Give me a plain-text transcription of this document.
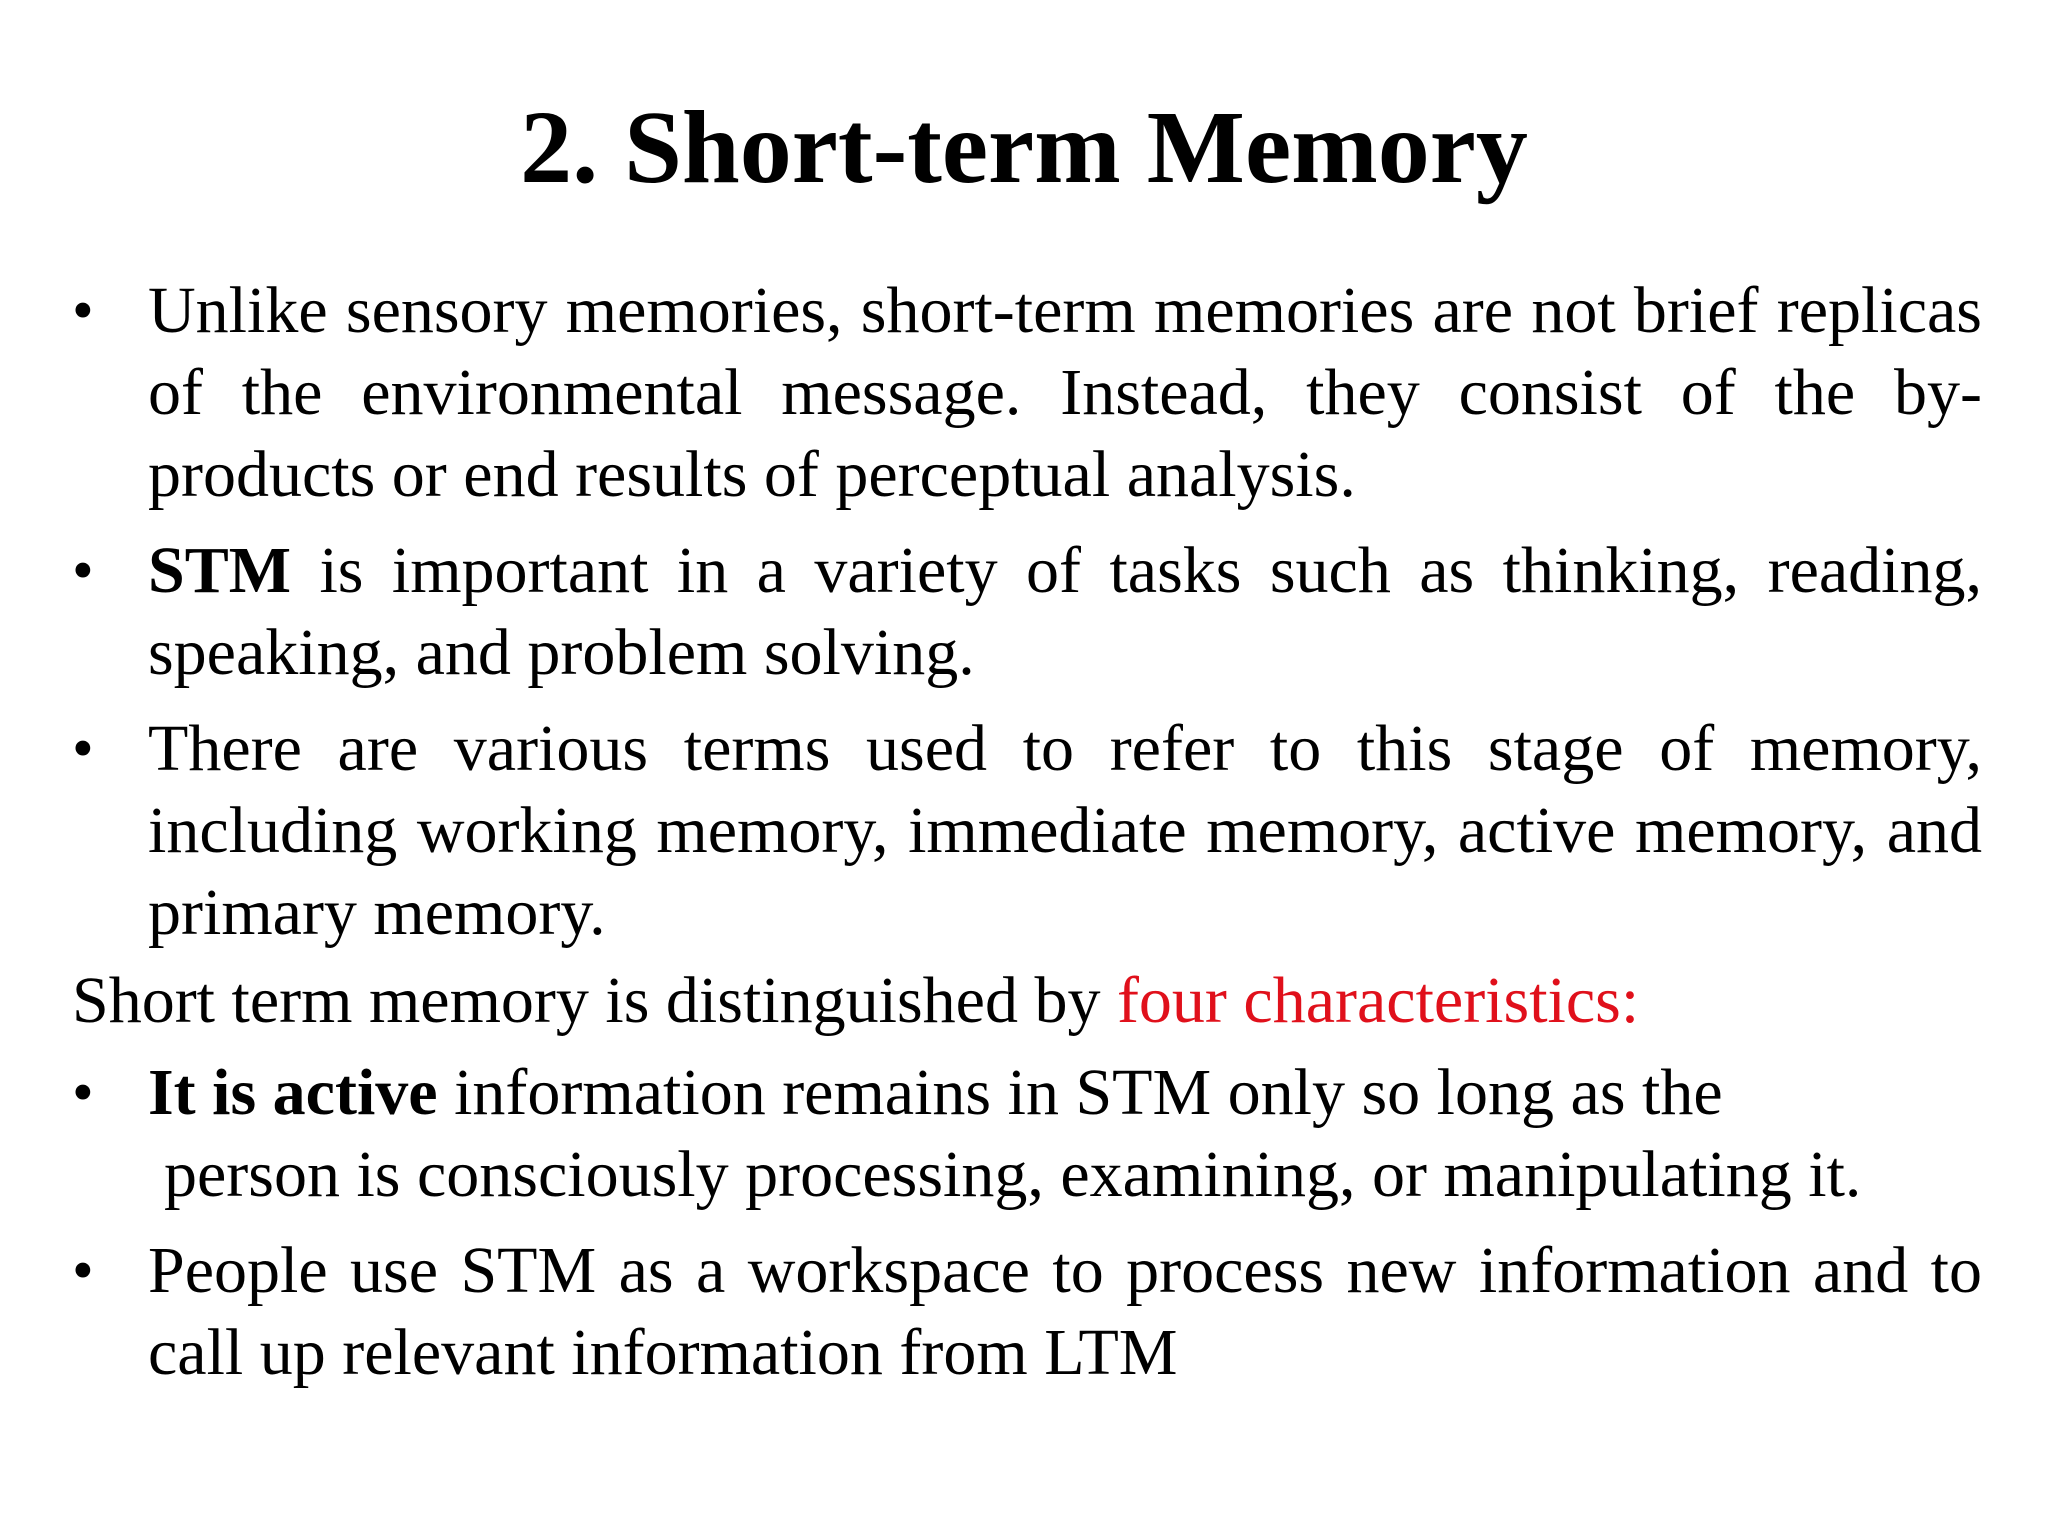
2. Short-term Memory
• Unlike sensory memories, short-term memories are not brief replicas of the environmental message. Instead, they consist of the by-products or end results of perceptual analysis.
• STM is important in a variety of tasks such as thinking, reading, speaking, and problem solving.
• There are various terms used to refer to this stage of memory, including working memory, immediate memory, active memory, and primary memory.
Short term memory is distinguished by four characteristics:
• It is active information remains in STM only so long as the
person is consciously processing, examining, or manipulating it.
• People use STM as a workspace to process new information and to call up relevant information from LTM
